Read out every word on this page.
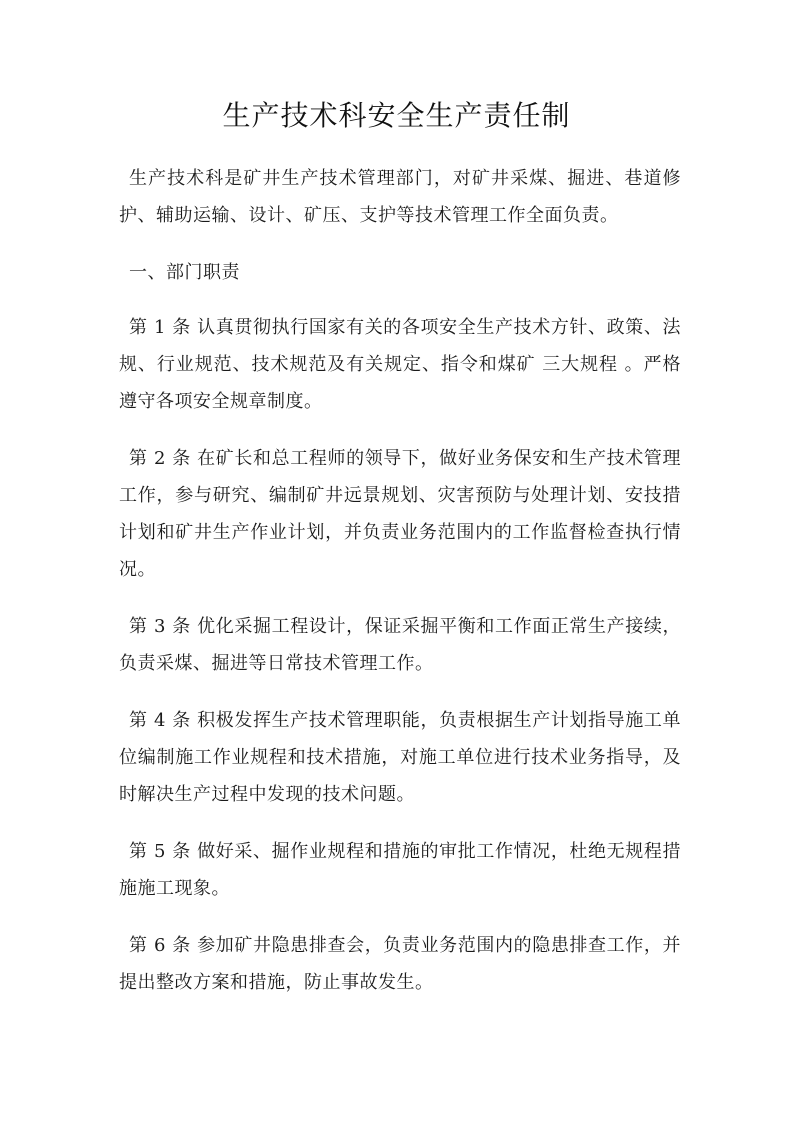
生产技术科安全生产责任制

生产技术科是矿井生产技术管理部门，对矿井采煤、掘进、巷道修护、辅助运输、设计、矿压、支护等技术管理工作全面负责。

一、部门职责

第 1 条 认真贯彻执行国家有关的各项安全生产技术方针、政策、法规、行业规范、技术规范及有关规定、指令和煤矿 三大规程 。严格遵守各项安全规章制度。

第 2 条 在矿长和总工程师的领导下，做好业务保安和生产技术管理工作，参与研究、编制矿井远景规划、灾害预防与处理计划、安技措计划和矿井生产作业计划，并负责业务范围内的工作监督检查执行情况。

第 3 条 优化采掘工程设计，保证采掘平衡和工作面正常生产接续，负责采煤、掘进等日常技术管理工作。

第 4 条 积极发挥生产技术管理职能，负责根据生产计划指导施工单位编制施工作业规程和技术措施，对施工单位进行技术业务指导，及时解决生产过程中发现的技术问题。

第 5 条 做好采、掘作业规程和措施的审批工作情况，杜绝无规程措施施工现象。

第 6 条 参加矿井隐患排查会，负责业务范围内的隐患排查工作，并提出整改方案和措施，防止事故发生。
